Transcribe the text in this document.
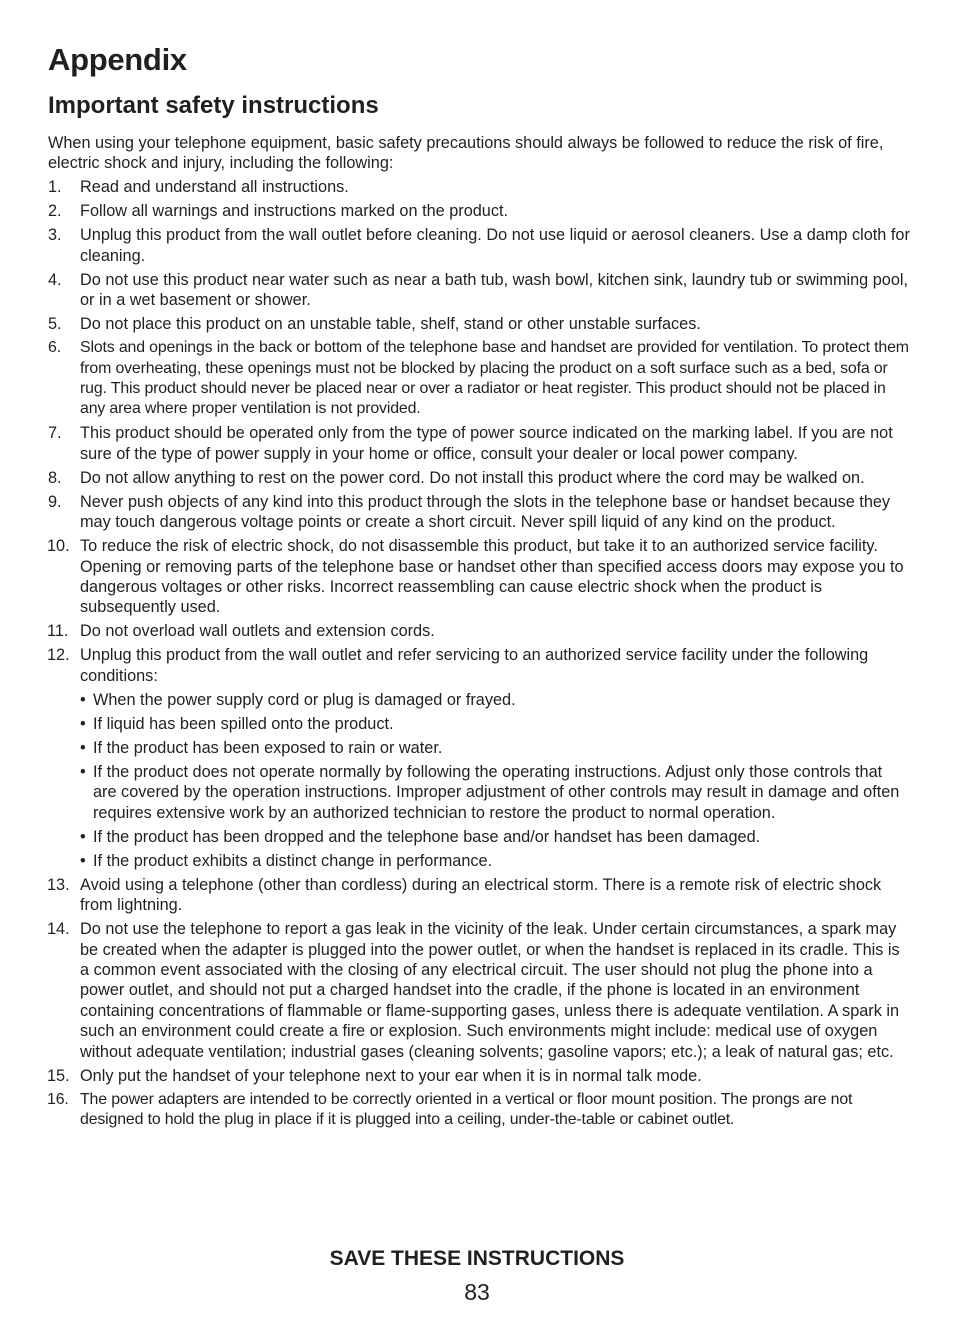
Appendix
Important safety instructions

When using your telephone equipment, basic safety precautions should always be followed to reduce the risk of fire, electric shock and injury, including the following:

1.	Read and understand all instructions.
2.	Follow all warnings and instructions marked on the product.
3.	Unplug this product from the wall outlet before cleaning. Do not use liquid or aerosol cleaners. Use a damp cloth for cleaning.
4.	Do not use this product near water such as near a bath tub, wash bowl, kitchen sink, laundry tub or swimming pool, or in a wet basement or shower.
5.	Do not place this product on an unstable table, shelf, stand or other unstable surfaces.
6.	Slots and openings in the back or bottom of the telephone base and handset are provided for ventilation. To protect them from overheating, these openings must not be blocked by placing the product on a soft surface such as a bed, sofa or rug. This product should never be placed near or over a radiator or heat register. This product should not be placed in any area where proper ventilation is not provided.
7.	This product should be operated only from the type of power source indicated on the marking label. If you are not sure of the type of power supply in your home or office, consult your dealer or local power company.
8.	Do not allow anything to rest on the power cord. Do not install this product where the cord may be walked on.
9.	Never push objects of any kind into this product through the slots in the telephone base or handset because they may touch dangerous voltage points or create a short circuit. Never spill liquid of any kind on the product.
10. To reduce the risk of electric shock, do not disassemble this product, but take it to an authorized service facility. Opening or removing parts of the telephone base or handset other than specified access doors may expose you to dangerous voltages or other risks. Incorrect reassembling can cause electric shock when the product is subsequently used.
11. Do not overload wall outlets and extension cords.
12. Unplug this product from the wall outlet and refer servicing to an authorized service facility under the following conditions:
• When the power supply cord or plug is damaged or frayed.
• If liquid has been spilled onto the product.
• If the product has been exposed to rain or water.
• If the product does not operate normally by following the operating instructions. Adjust only those controls that are covered by the operation instructions. Improper adjustment of other controls may result in damage and often requires extensive work by an authorized technician to restore the product to normal operation.
• If the product has been dropped and the telephone base and/or handset has been damaged.
• If the product exhibits a distinct change in performance.
13. Avoid using a telephone (other than cordless) during an electrical storm. There is a remote risk of electric shock from lightning.
14. Do not use the telephone to report a gas leak in the vicinity of the leak. Under certain circumstances, a spark may be created when the adapter is plugged into the power outlet, or when the handset is replaced in its cradle. This is a common event associated with the closing of any electrical circuit. The user should not plug the phone into a power outlet, and should not put a charged handset into the cradle, if the phone is located in an environment containing concentrations of flammable or flame-supporting gases, unless there is adequate ventilation. A spark in such an environment could create a fire or explosion. Such environments might include: medical use of oxygen without adequate ventilation; industrial gases (cleaning solvents; gasoline vapors; etc.); a leak of natural gas; etc.
15. Only put the handset of your telephone next to your ear when it is in normal talk mode.
16. The power adapters are intended to be correctly oriented in a vertical or floor mount position. The prongs are not designed to hold the plug in place if it is plugged into a ceiling, under-the-table or cabinet outlet.
SAVE THESE INSTRUCTIONS
83
